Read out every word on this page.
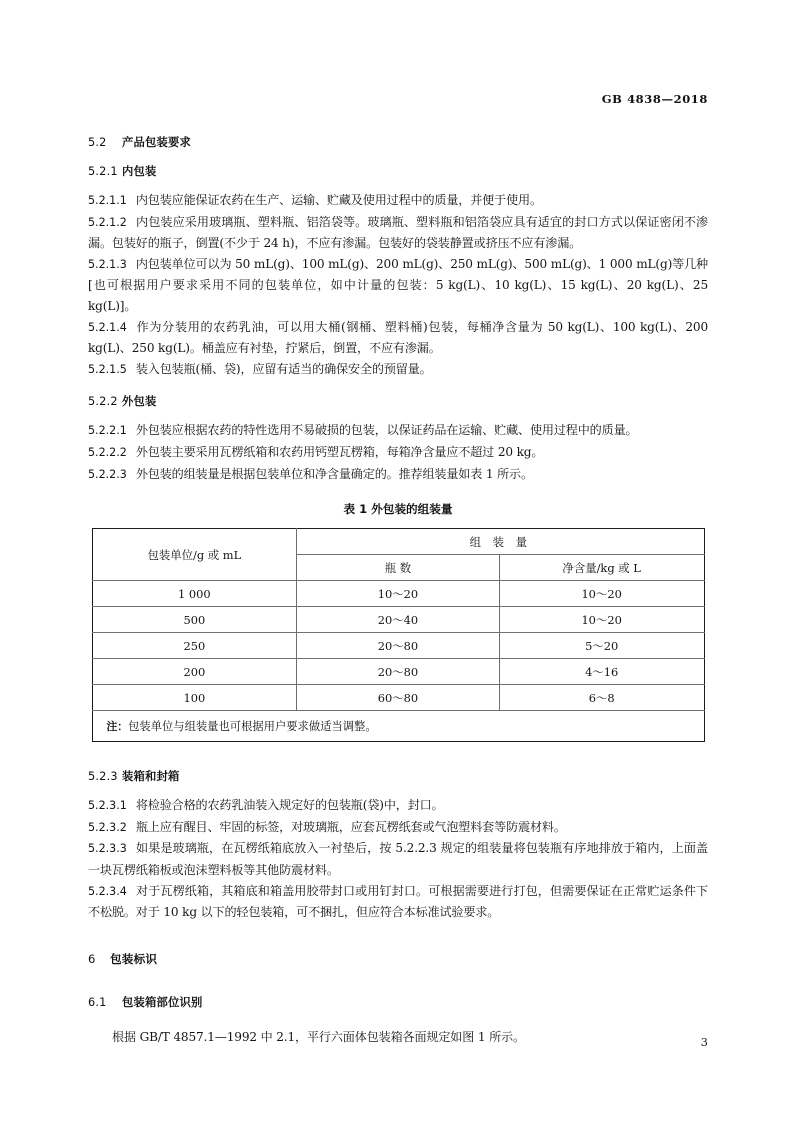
GB 4838—2018
5.2 产品包装要求
5.2.1 内包装

5.2.1.1 内包装应能保证农药在生产、运输、贮藏及使用过程中的质量，并便于使用。

5.2.1.2 内包装应采用玻璃瓶、塑料瓶、铝箔袋等。玻璃瓶、塑料瓶和铝箔袋应具有适宜的封口方式以保证密闭不渗漏。包装好的瓶子，倒置(不少于 24 h)，不应有渗漏。包装好的袋装静置或挤压不应有渗漏。

5.2.1.3 内包装单位可以为 50 mL(g)、100 mL(g)、200 mL(g)、250 mL(g)、500 mL(g)、1 000 mL(g)等几种[也可根据用户要求采用不同的包装单位，如中计量的包装：5 kg(L)、10 kg(L)、15 kg(L)、20 kg(L)、25 kg(L)]。

5.2.1.4 作为分装用的农药乳油，可以用大桶(钢桶、塑料桶)包装，每桶净含量为 50 kg(L)、100 kg(L)、200 kg(L)、250 kg(L)。桶盖应有衬垫，拧紧后，倒置，不应有渗漏。

5.2.1.5 装入包装瓶(桶、袋)，应留有适当的确保安全的预留量。

5.2.2 外包装

5.2.2.1 外包装应根据农药的特性选用不易破损的包装，以保证药品在运输、贮藏、使用过程中的质量。

5.2.2.2 外包装主要采用瓦楞纸箱和农药用钙塑瓦楞箱，每箱净含量应不超过 20 kg。

5.2.2.3 外包装的组装量是根据包装单位和净含量确定的。推荐组装量如表 1 所示。

表 1 外包装的组装量
包装单位/g 或 mL	组 装 量	
	瓶 数	净含量/kg 或 L
1 000	10～20	10～20
500	20～40	10～20
250	20～80	5～20
200	20～80	4～16
100	60～80	6～8
注：包装单位与组装量也可根据用户要求做适当调整。		
5.2.3 装箱和封箱

5.2.3.1 将检验合格的农药乳油装入规定好的包装瓶(袋)中，封口。

5.2.3.2 瓶上应有醒目、牢固的标签，对玻璃瓶，应套瓦楞纸套或气泡塑料套等防震材料。

5.2.3.3 如果是玻璃瓶，在瓦楞纸箱底放入一衬垫后，按 5.2.2.3 规定的组装量将包装瓶有序地排放于箱内，上面盖一块瓦楞纸箱板或泡沫塑料板等其他防震材料。

5.2.3.4 对于瓦楞纸箱，其箱底和箱盖用胶带封口或用钉封口。可根据需要进行打包，但需要保证在正常贮运条件下不松脱。对于 10 kg 以下的轻包装箱，可不捆扎，但应符合本标准试验要求。

6 包装标识
6.1 包装箱部位识别

根据 GB/T 4857.1—1992 中 2.1，平行六面体包装箱各面规定如图 1 所示。	3
